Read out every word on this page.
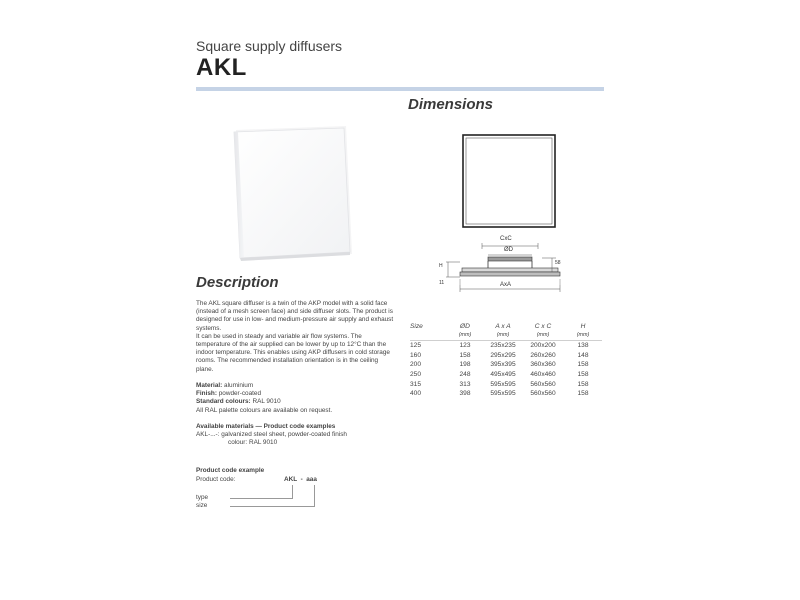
Square supply diffusers
AKL
Description

The AKL square diffuser is a twin of the AKP model with a solid face (instead of a mesh screen face) and side diffuser slots. The product is designed for use in low- and medium-pressure air supply and exhaust systems.

It can be used in steady and variable air flow systems. The temperature of the air supplied can be lower by up to 12°C than the indoor temperature. This enables using AKP diffusers in cold storage rooms. The recommended installation orientation is in the ceiling plane.

Material: aluminium

Finish: powder-coated

Standard colours: RAL 9010

All RAL palette colours are available on request.

Available materials — Product code examples

AKL-...-: galvanized steel sheet, powder-coated finish

colour: RAL 9010

Product code example
Product code:	AKL  -  aaa
type
size
Dimensions
CxC
ØD
H
11
58
AxA
Size	ØD	A x A	C x C	H
	(mm)	(mm)	(mm)	(mm)
125	123	235x235	200x200	138
160	158	295x295	260x260	148
200	198	395x395	360x360	158
250	248	495x495	460x460	158
315	313	595x595	560x560	158
400	398	595x595	560x560	158
